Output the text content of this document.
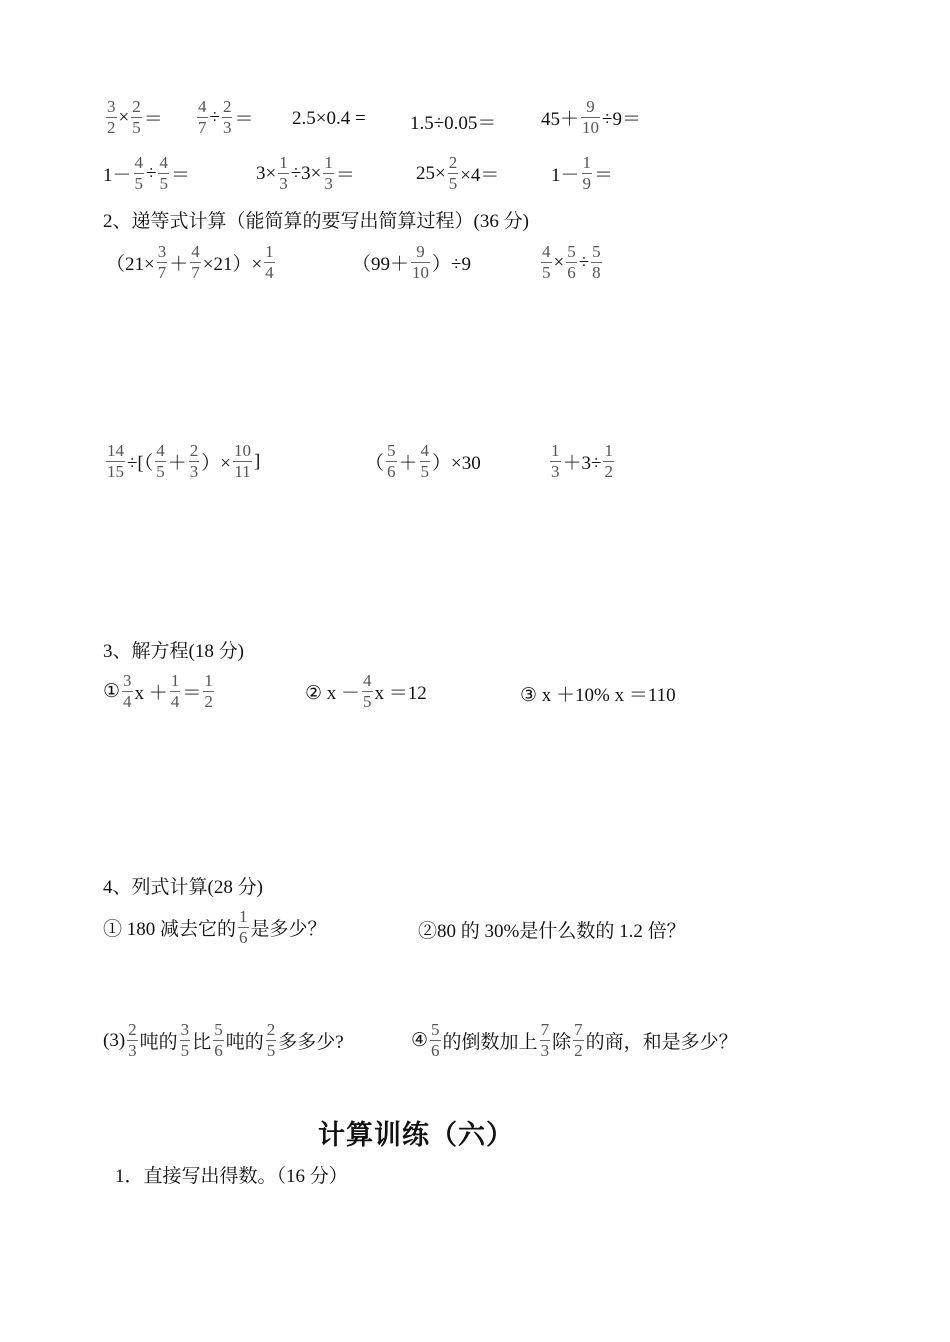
$\frac{3}{2} \times \frac{2}{5} = \frac{4}{7} \div \frac{2}{3} = 2.5\times 0.4 = 1.5\div 0.05= 45+ \frac{9}{10} \div 9=$
$1- \frac{4}{5} \div \frac{4}{5}$ ＝	$3\times \frac{1}{3} \div 3\times \frac{1}{3}$ ＝	$25\times \frac{2}{5} \times 4=$	$1- \frac{1}{9}$ ＝
2、递等式计算（能简算的要写出简算过程）(36 分)
$(21\times \frac{3}{7} + \frac{4}{7} \times 21)\times \frac{1}{4}$	$(99+ \frac{9}{10} )\div 9$	$\frac{4}{5} \times \frac{5}{6} \div \frac{5}{8}$
$\frac{14}{15}$ ÷[（ $\frac{4}{5} + \frac{2}{3}$ ）× $\frac{10}{11}$ ]	（ $\frac{5}{6} + \frac{4}{5} )\times 30$	$\frac{1}{3} +3\div \frac{1}{2}$
3、解方程(18 分)
① $\frac{3}{4}$ $x + \frac{1}{4} = \frac{1}{2}$	② $x - \frac{4}{5}$ x ＝12	③ x ＋10% x ＝110
4、列式计算(28 分)
① 180 减去它的 $\frac{1}{6}$ 是多少？	②80 的 30%是什么数的 1.2 倍？
$(3) \frac{2}{3}$ 吨的 $\frac{3}{5}$ 比 $\frac{5}{6}$ 吨的 $\frac{2}{5}$ 多多少?	④ $\frac{5}{6}$ 的倒数加上 $\frac{7}{3}$ 除 $\frac{7}{2}$ 的商，和是多少？
计算训练（六）
1．直接写出得数。（16 分）
